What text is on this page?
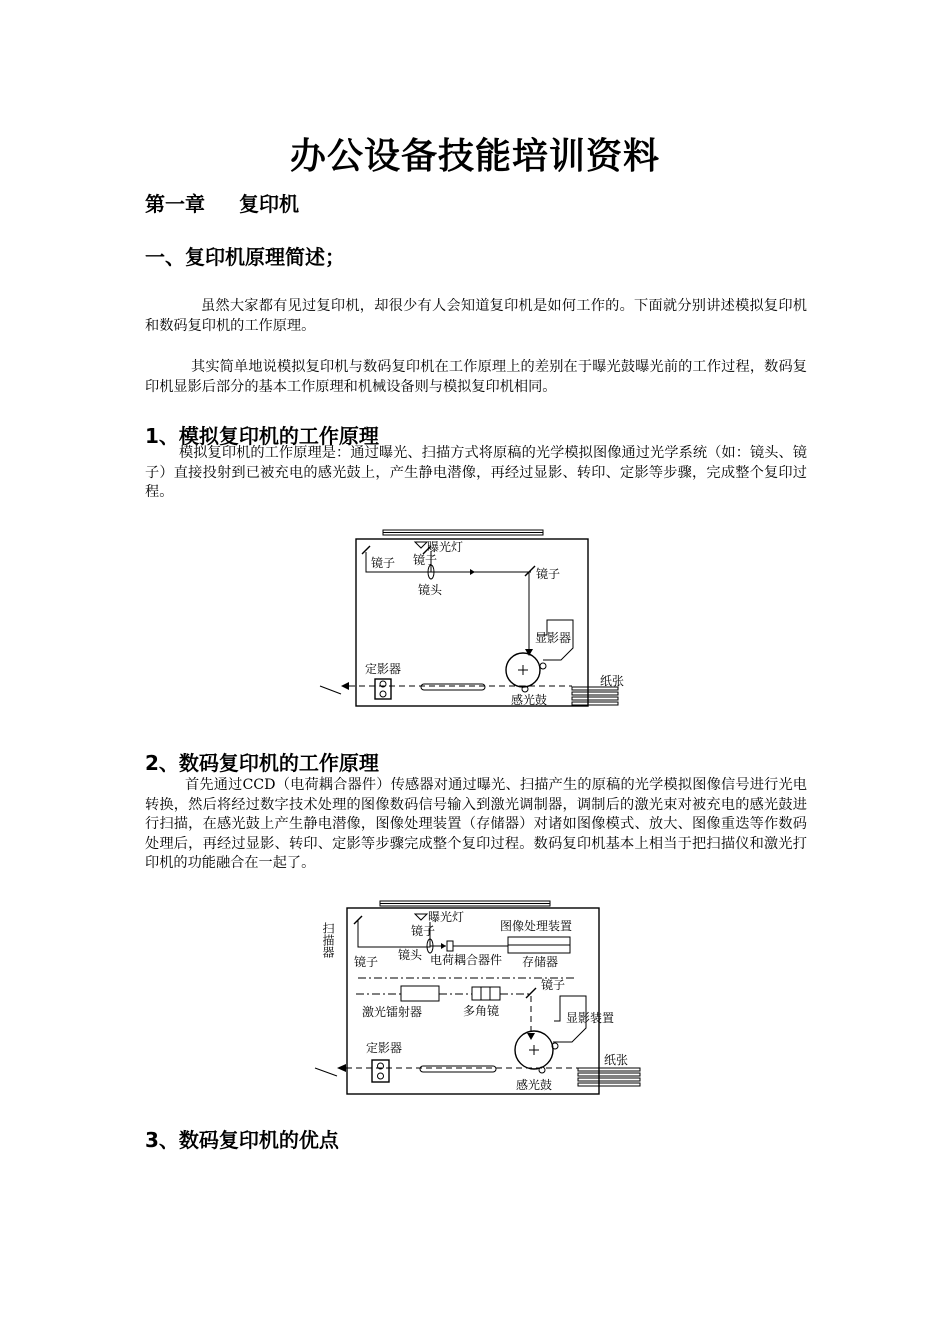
办公设备技能培训资料
第一章 复印机
一、复印机原理简述；

虽然大家都有见过复印机，却很少有人会知道复印机是如何工作的。下面就分别讲述模拟复印机和数码复印机的工作原理。

其实简单地说模拟复印机与数码复印机在工作原理上的差别在于曝光鼓曝光前的工作过程，数码复印机显影后部分的基本工作原理和机械设备则与模拟复印机相同。

1、模拟复印机的工作原理

模拟复印机的工作原理是：通过曝光、扫描方式将原稿的光学模拟图像通过光学系统（如：镜头、镜子）直接投射到已被充电的感光鼓上，产生静电潜像，再经过显影、转印、定影等步骤，完成整个复印过程。

曝光灯
镜子 镜子
镜头
镜子
显影器
感光鼓
定影器
纸张
2、数码复印机的工作原理

首先通过CCD（电荷耦合器件）传感器对通过曝光、扫描产生的原稿的光学模拟图像信号进行光电转换，然后将经过数字技术处理的图像数码信号输入到激光调制器，调制后的激光束对被充电的感光鼓进行扫描，在感光鼓上产生静电潜像，图像处理装置（存储器）对诸如图像模式、放大、图像重迭等作数码处理后，再经过显影、转印、定影等步骤完成整个复印过程。数码复印机基本上相当于把扫描仪和激光打印机的功能融合在一起了。

扫描器
曝光灯
镜子
镜子 镜头 电荷耦合器件
图像处理装置
存储器
激光镭射器	多角镜
镜子
显影装置
感光鼓
定影器
纸张
3、数码复印机的优点
